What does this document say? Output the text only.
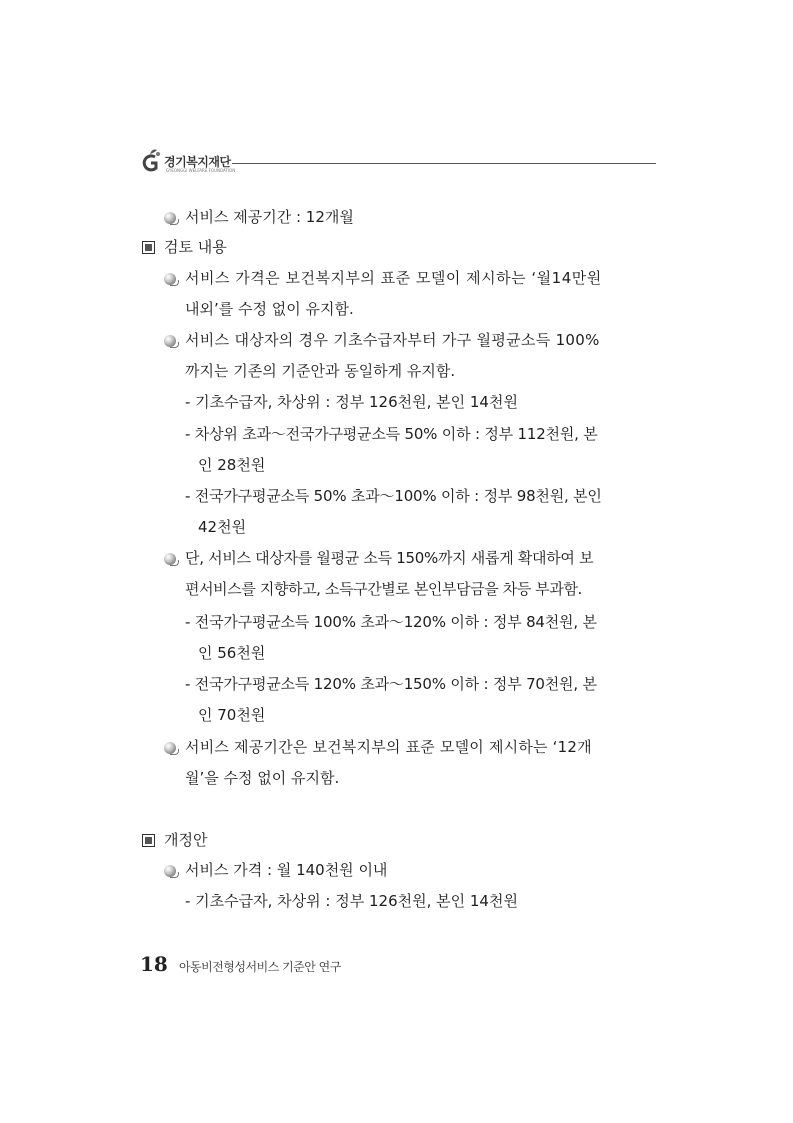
경기복지재단
GYEONGGI WELFARE FOUNDATION
서비스 제공기간 : 12개월
검토 내용
서비스 가격은 보건복지부의 표준 모델이 제시하는 ‘월14만원
내외’를 수정 없이 유지함.
서비스 대상자의 경우 기초수급자부터 가구 월평균소득 100%
까지는 기존의 기준안과 동일하게 유지함.
- 기초수급자, 차상위 : 정부 126천원, 본인 14천원
- 차상위 초과～전국가구평균소득 50% 이하 : 정부 112천원, 본
인 28천원
- 전국가구평균소득 50% 초과～100% 이하 : 정부 98천원, 본인
42천원
단, 서비스 대상자를 월평균 소득 150%까지 새롭게 확대하여 보
편서비스를 지향하고, 소득구간별로 본인부담금을 차등 부과함.
- 전국가구평균소득 100% 초과～120% 이하 : 정부 84천원, 본
인 56천원
- 전국가구평균소득 120% 초과～150% 이하 : 정부 70천원, 본
인 70천원
서비스 제공기간은 보건복지부의 표준 모델이 제시하는 ‘12개
월’을 수정 없이 유지함.
개정안
서비스 가격 : 월 140천원 이내
- 기초수급자, 차상위 : 정부 126천원, 본인 14천원
18 아동비전형성서비스 기준안 연구
